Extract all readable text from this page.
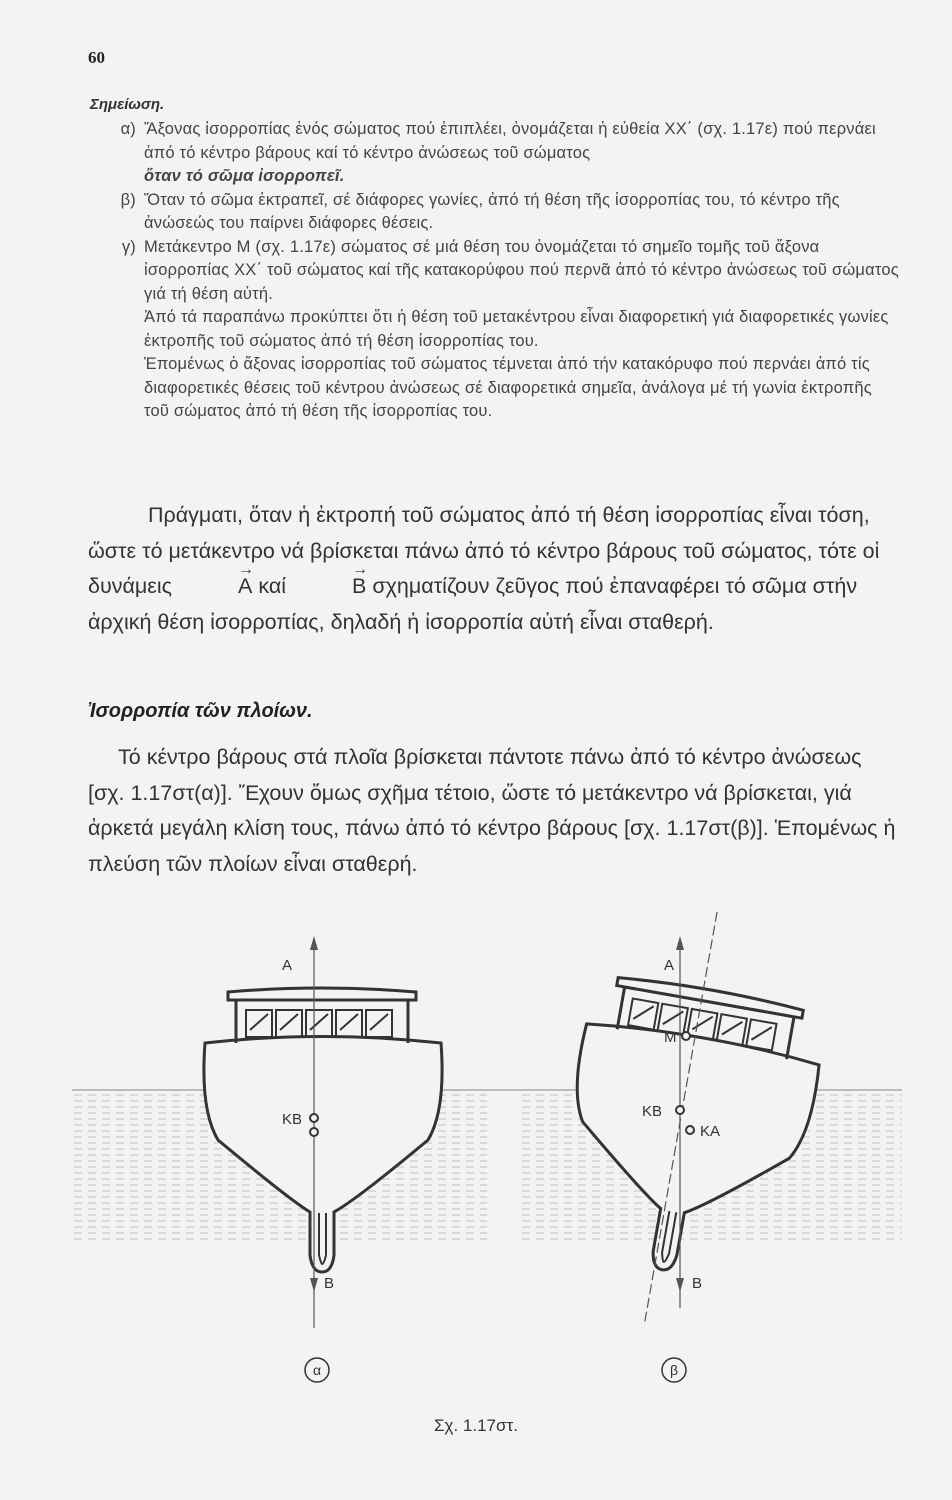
60
Σημείωση.
α) Ἄξονας ἰσορροπίας ἑνός σώματος πού ἐπιπλέει, ὀνομάζεται ἡ εὐθεία ΧΧ΄ (σχ. 1.17ε) πού περνάει ἀπό τό κέντρο βάρους καί τό κέντρο ἀνώσεως τοῦ σώματος
ὅταν τό σῶμα ἰσορροπεῖ.
β) Ὅταν τό σῶμα ἐκτραπεῖ, σέ διάφορες γωνίες, ἀπό τή θέση τῆς ἰσορροπίας του, τό κέντρο τῆς ἀνώσεώς του παίρνει διάφορες θέσεις.
γ) Μετάκεντρο Μ (σχ. 1.17ε) σώματος σέ μιά θέση του ὀνομάζεται τό σημεῖο τομῆς τοῦ ἄξονα ἰσορροπίας ΧΧ΄ τοῦ σώματος καί τῆς κατακορύφου πού περνᾶ ἀπό τό κέντρο ἀνώσεως τοῦ σώματος γιά τή θέση αὐτή.

Ἀπό τά παραπάνω προκύπτει ὅτι ἡ θέση τοῦ μετακέντρου εἶναι διαφορετική γιά διαφορετικές γωνίες ἐκτροπῆς τοῦ σώματος ἀπό τή θέση ἰσορροπίας του.

Ἑπομένως ὁ ἄξονας ἰσορροπίας τοῦ σώματος τέμνεται ἀπό τήν κατακόρυφο πού περνάει ἀπό τίς διαφορετικές θέσεις τοῦ κέντρου ἀνώσεως σέ διαφορετικά σημεῖα, ἀνάλογα μέ τή γωνία ἐκτροπῆς τοῦ σώματος ἀπό τή θέση τῆς ἰσορροπίας του.

Πράγματι, ὅταν ἡ ἐκτροπή τοῦ σώματος ἀπό τή θέση ἰσορροπίας εἶναι τόση, ὥστε τό μετάκεντρο νά βρίσκεται πάνω ἀπό τό κέντρο βάρους τοῦ σώματος, τότε οἱ δυνάμεις
→
Α καί
→
Β σχηματίζουν ζεῦγος πού ἐπαναφέρει τό σῶμα στήν ἀρχική θέση ἰσορροπίας, δηλαδή ἡ ἰσορροπία αὐτή εἶναι σταθερή.

Ἰσορροπία τῶν πλοίων.

Τό κέντρο βάρους στά πλοῖα βρίσκεται πάντοτε πάνω ἀπό τό κέντρο ἀνώσεως [σχ. 1.17στ(α)]. Ἔχουν ὅμως σχῆμα τέτοιο, ὥστε τό μετάκεντρο νά βρίσκεται, γιά ἀρκετά μεγάλη κλίση τους, πάνω ἀπό τό κέντρο βάρους [σχ. 1.17στ(β)]. Ἑπομένως ἡ πλεύση τῶν πλοίων εἶναι σταθερή.

Α
ΚΒ
Β
Α
Μ
ΚΒ
ΚΑ
Β
α	β
Σχ. 1.17στ.
